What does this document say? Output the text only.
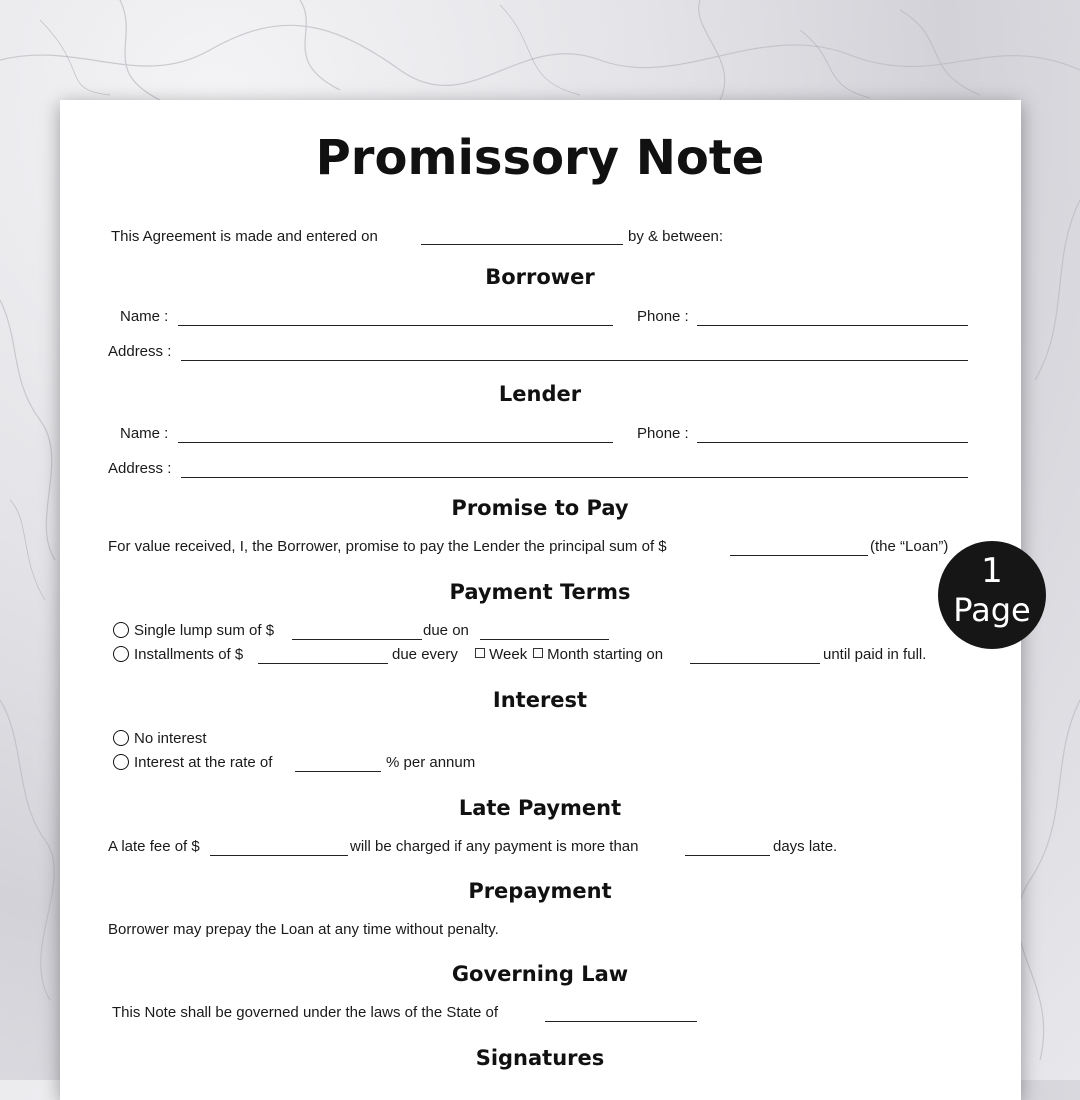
Promissory Note
This Agreement is made and entered on	by & between:
Borrower
Name :	Phone :
Address :
Lender
Name :	Phone :
Address :
Promise to Pay
For value received, I, the Borrower, promise to pay the Lender the principal sum of $	(the “Loan”)
Payment Terms
Single lump sum of $	due on
Installments of $	due every	Week	Month starting on	until paid in full.
Interest
No interest
Interest at the rate of	% per annum
Late Payment
A late fee of $	will be charged if any payment is more than	days late.
Prepayment
Borrower may prepay the Loan at any time without penalty.
Governing Law
This Note shall be governed under the laws of the State of
Signatures
1
Page
